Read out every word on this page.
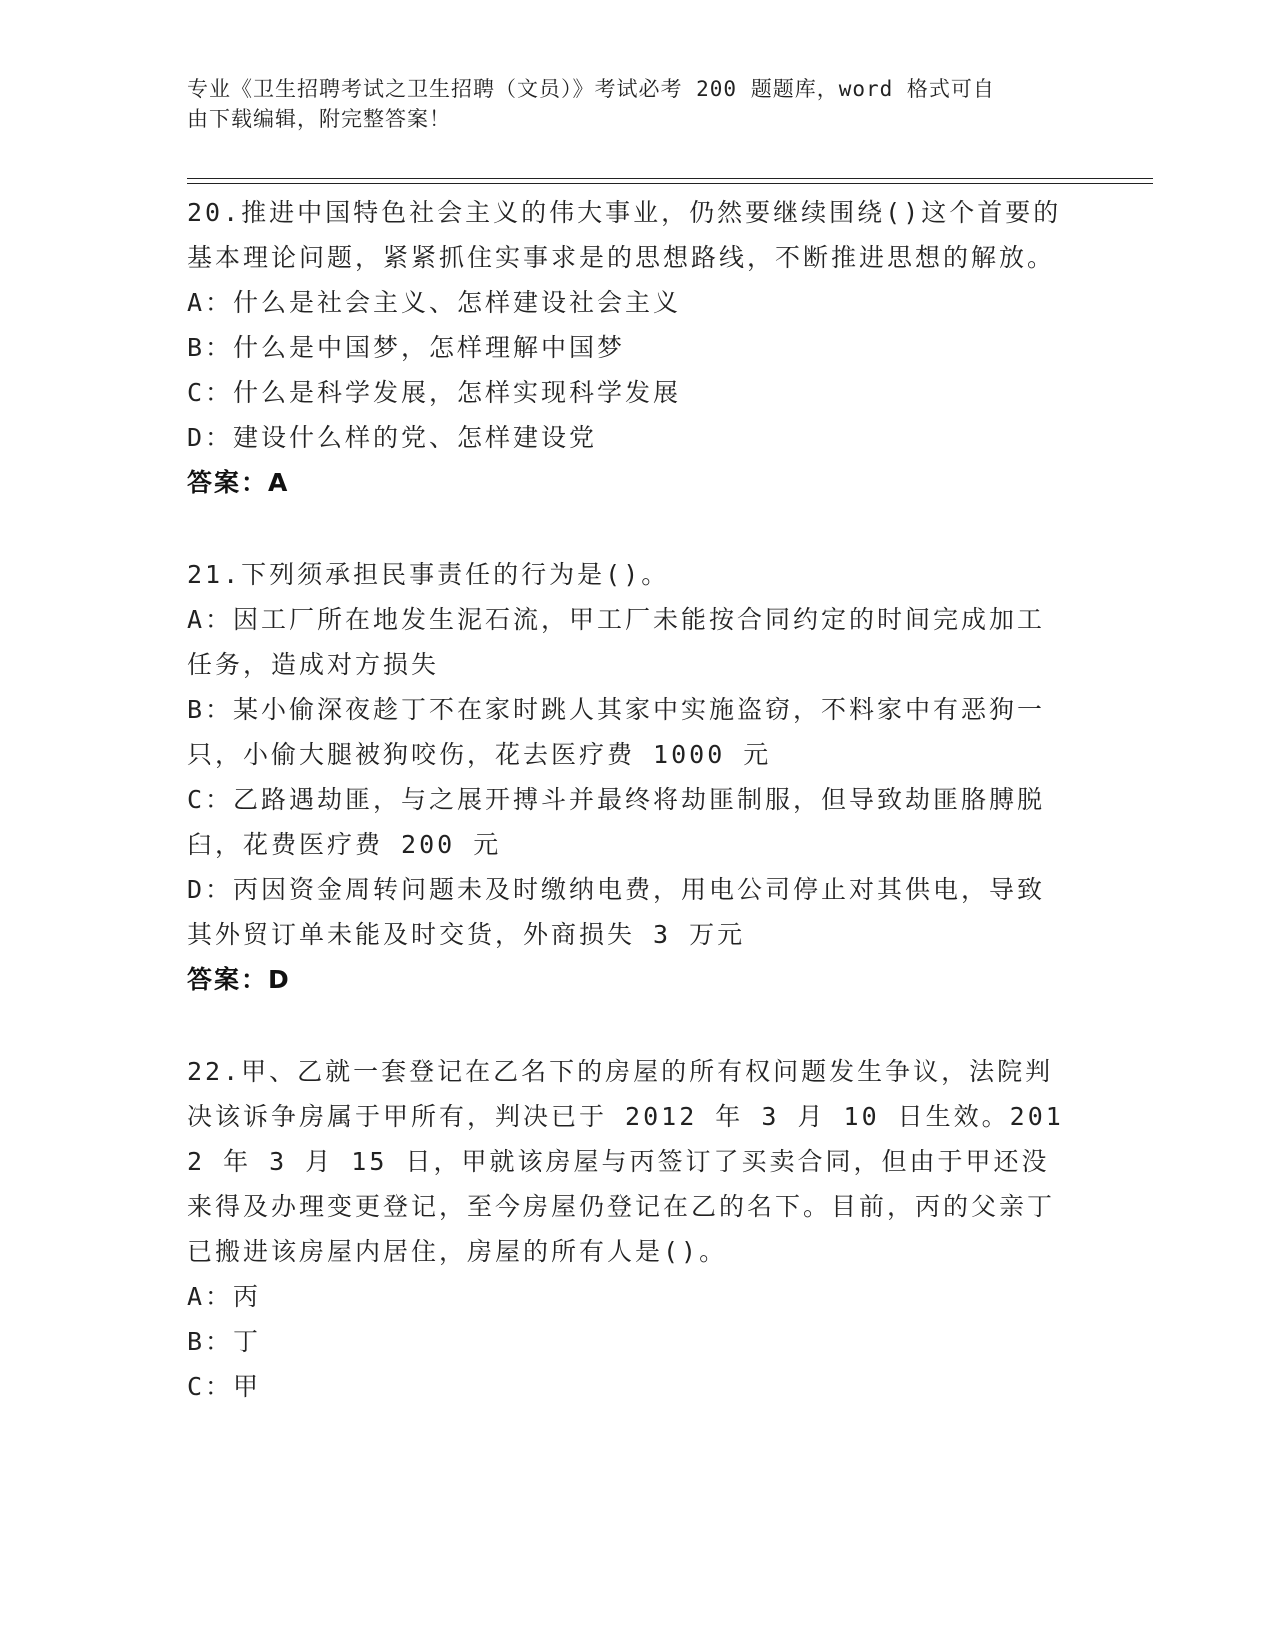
专业《卫生招聘考试之卫生招聘（文员）》考试必考 200 题题库，word 格式可自
由下载编辑，附完整答案！
20.推进中国特色社会主义的伟大事业，仍然要继续围绕()这个首要的基本理论问题，紧紧抓住实事求是的思想路线，不断推进思想的解放。
A：什么是社会主义、怎样建设社会主义
B：什么是中国梦，怎样理解中国梦
C：什么是科学发展，怎样实现科学发展
D：建设什么样的党、怎样建设党
答案：A
21.下列须承担民事责任的行为是()。
A：因工厂所在地发生泥石流，甲工厂未能按合同约定的时间完成加工任务，造成对方损失
B：某小偷深夜趁丁不在家时跳人其家中实施盗窃，不料家中有恶狗一只，小偷大腿被狗咬伤，花去医疗费 1000 元
C：乙路遇劫匪，与之展开搏斗并最终将劫匪制服，但导致劫匪胳膊脱臼，花费医疗费 200 元
D：丙因资金周转问题未及时缴纳电费，用电公司停止对其供电，导致其外贸订单未能及时交货，外商损失 3 万元
答案：D
22.甲、乙就一套登记在乙名下的房屋的所有权问题发生争议，法院判决该诉争房属于甲所有，判决已于 2012 年 3 月 10 日生效。2012 年 3 月 15 日，甲就该房屋与丙签订了买卖合同，但由于甲还没来得及办理变更登记，至今房屋仍登记在乙的名下。目前，丙的父亲丁已搬进该房屋内居住，房屋的所有人是()。
A：丙
B：丁
C：甲
